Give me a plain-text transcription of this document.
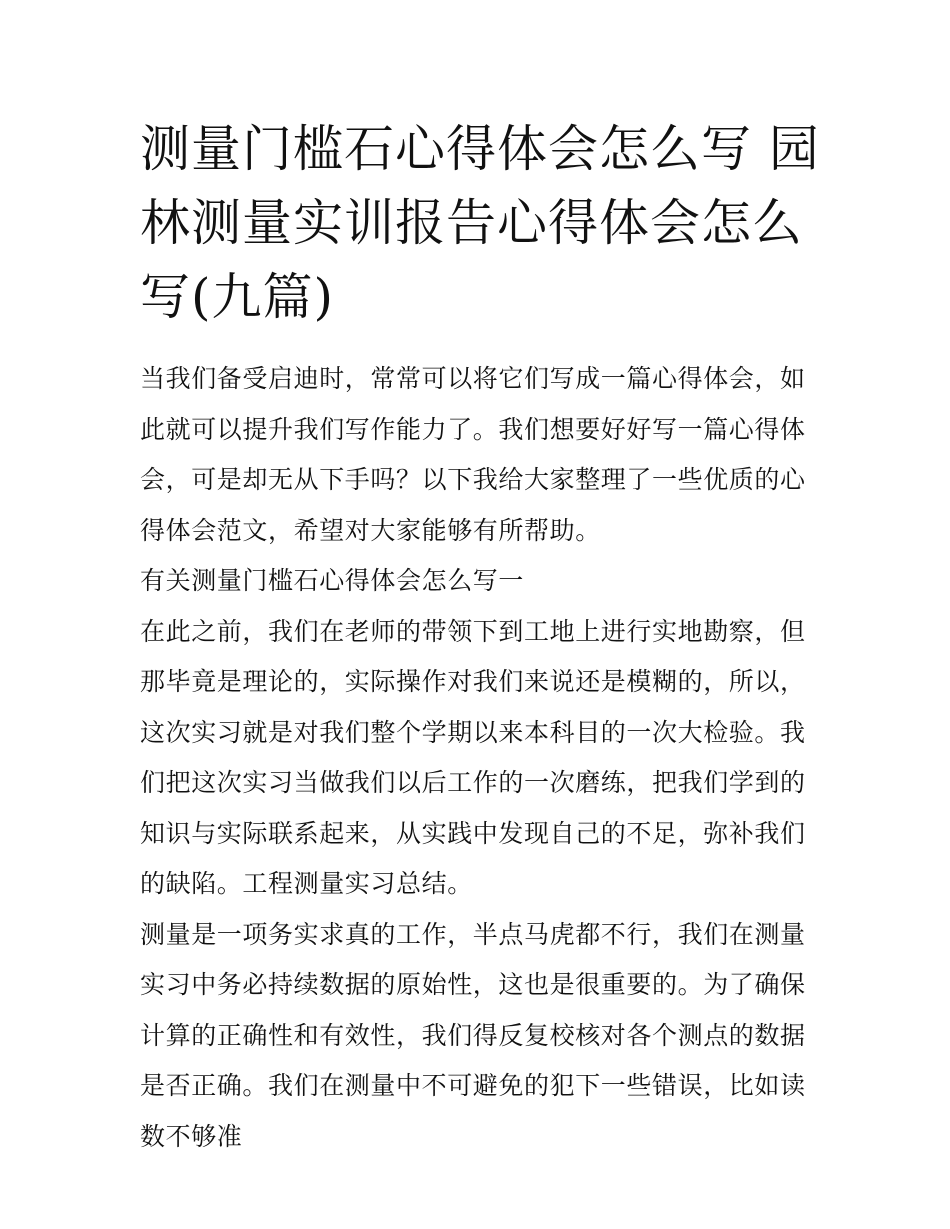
测量门槛石心得体会怎么写 园林测量实训报告心得体会怎么写(九篇)

当我们备受启迪时，常常可以将它们写成一篇心得体会，如此就可以提升我们写作能力了。我们想要好好写一篇心得体会，可是却无从下手吗？以下我给大家整理了一些优质的心得体会范文，希望对大家能够有所帮助。

有关测量门槛石心得体会怎么写一

在此之前，我们在老师的带领下到工地上进行实地勘察，但那毕竟是理论的，实际操作对我们来说还是模糊的，所以，这次实习就是对我们整个学期以来本科目的一次大检验。我们把这次实习当做我们以后工作的一次磨练，把我们学到的知识与实际联系起来，从实践中发现自己的不足，弥补我们的缺陷。工程测量实习总结。

测量是一项务实求真的工作，半点马虎都不行，我们在测量实习中务必持续数据的原始性，这也是很重要的。为了确保计算的正确性和有效性，我们得反复校核对各个测点的数据是否正确。我们在测量中不可避免的犯下一些错误，比如读数不够准
